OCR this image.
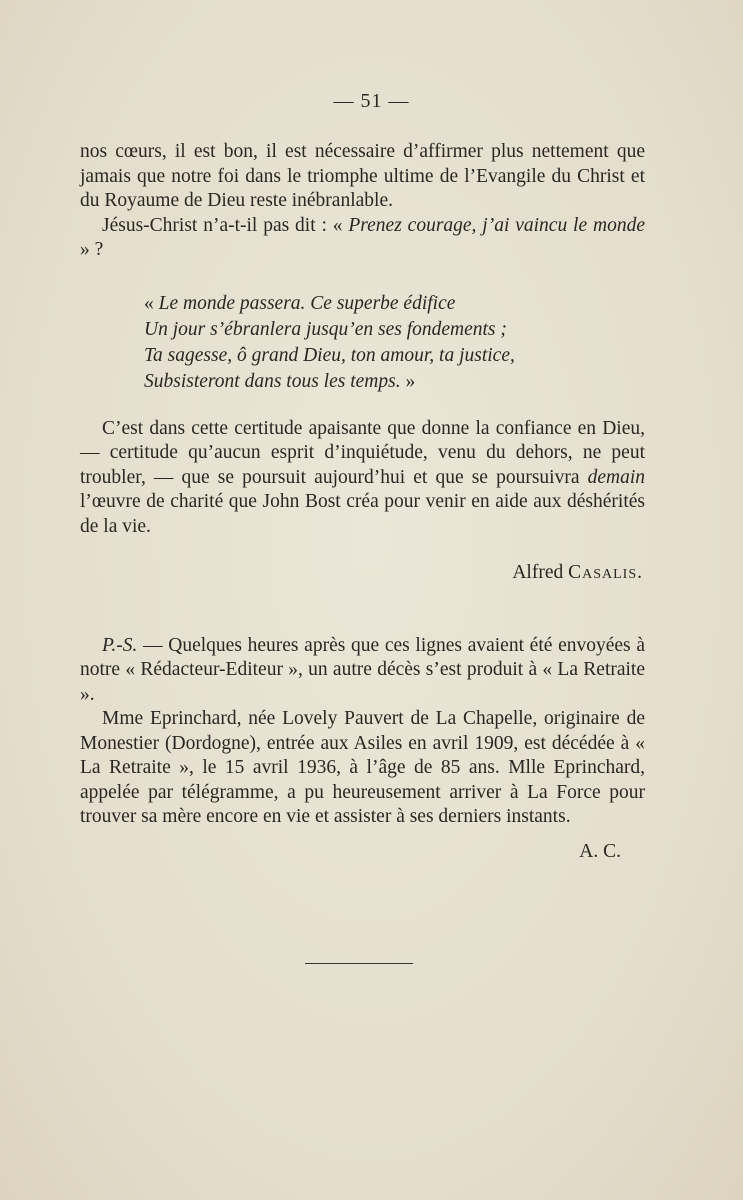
— 51 —

nos cœurs, il est bon, il est nécessaire d’affirmer plus nettement que jamais que notre foi dans le triomphe ultime de l’Evangile du Christ et du Royaume de Dieu reste inébranlable.

Jésus-Christ n’a-t-il pas dit : « Prenez courage, j’ai vaincu le monde » ?

« Le monde passera. Ce superbe édifice
Un jour s’ébranlera jusqu’en ses fondements ;
Ta sagesse, ô grand Dieu, ton amour, ta justice,
Subsisteront dans tous les temps. »

C’est dans cette certitude apaisante que donne la confiance en Dieu, — certitude qu’aucun esprit d’inquiétude, venu du dehors, ne peut troubler, — que se poursuit aujourd’hui et que se poursuivra demain l’œuvre de charité que John Bost créa pour venir en aide aux déshérités de la vie.

Alfred Casalis.

P.-S. — Quelques heures après que ces lignes avaient été envoyées à notre « Rédacteur-Editeur », un autre décès s’est produit à « La Retraite ».

Mme Eprinchard, née Lovely Pauvert de La Chapelle, originaire de Monestier (Dordogne), entrée aux Asiles en avril 1909, est décédée à « La Retraite », le 15 avril 1936, à l’âge de 85 ans. Mlle Eprinchard, appelée par télégramme, a pu heureusement arriver à La Force pour trouver sa mère encore en vie et assister à ses derniers instants.

A. C.
